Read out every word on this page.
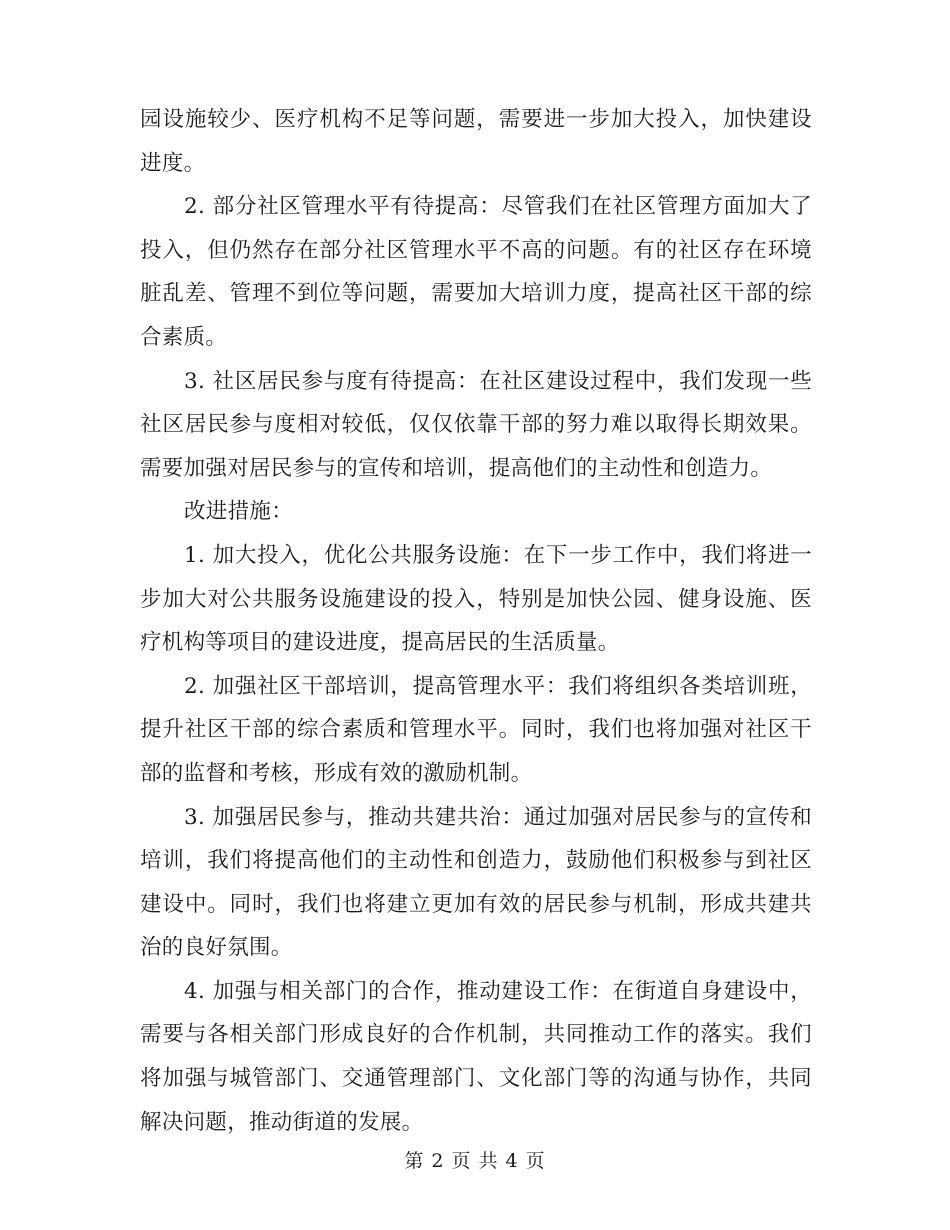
园设施较少、医疗机构不足等问题，需要进一步加大投入，加快建设进度。

2. 部分社区管理水平有待提高：尽管我们在社区管理方面加大了投入，但仍然存在部分社区管理水平不高的问题。有的社区存在环境脏乱差、管理不到位等问题，需要加大培训力度，提高社区干部的综合素质。

3. 社区居民参与度有待提高：在社区建设过程中，我们发现一些社区居民参与度相对较低，仅仅依靠干部的努力难以取得长期效果。需要加强对居民参与的宣传和培训，提高他们的主动性和创造力。

改进措施：

1. 加大投入，优化公共服务设施：在下一步工作中，我们将进一步加大对公共服务设施建设的投入，特别是加快公园、健身设施、医疗机构等项目的建设进度，提高居民的生活质量。

2. 加强社区干部培训，提高管理水平：我们将组织各类培训班，提升社区干部的综合素质和管理水平。同时，我们也将加强对社区干部的监督和考核，形成有效的激励机制。

3. 加强居民参与，推动共建共治：通过加强对居民参与的宣传和培训，我们将提高他们的主动性和创造力，鼓励他们积极参与到社区建设中。同时，我们也将建立更加有效的居民参与机制，形成共建共治的良好氛围。

4. 加强与相关部门的合作，推动建设工作：在街道自身建设中，需要与各相关部门形成良好的合作机制，共同推动工作的落实。我们将加强与城管部门、交通管理部门、文化部门等的沟通与协作，共同解决问题，推动街道的发展。

第 2 页 共 4 页
